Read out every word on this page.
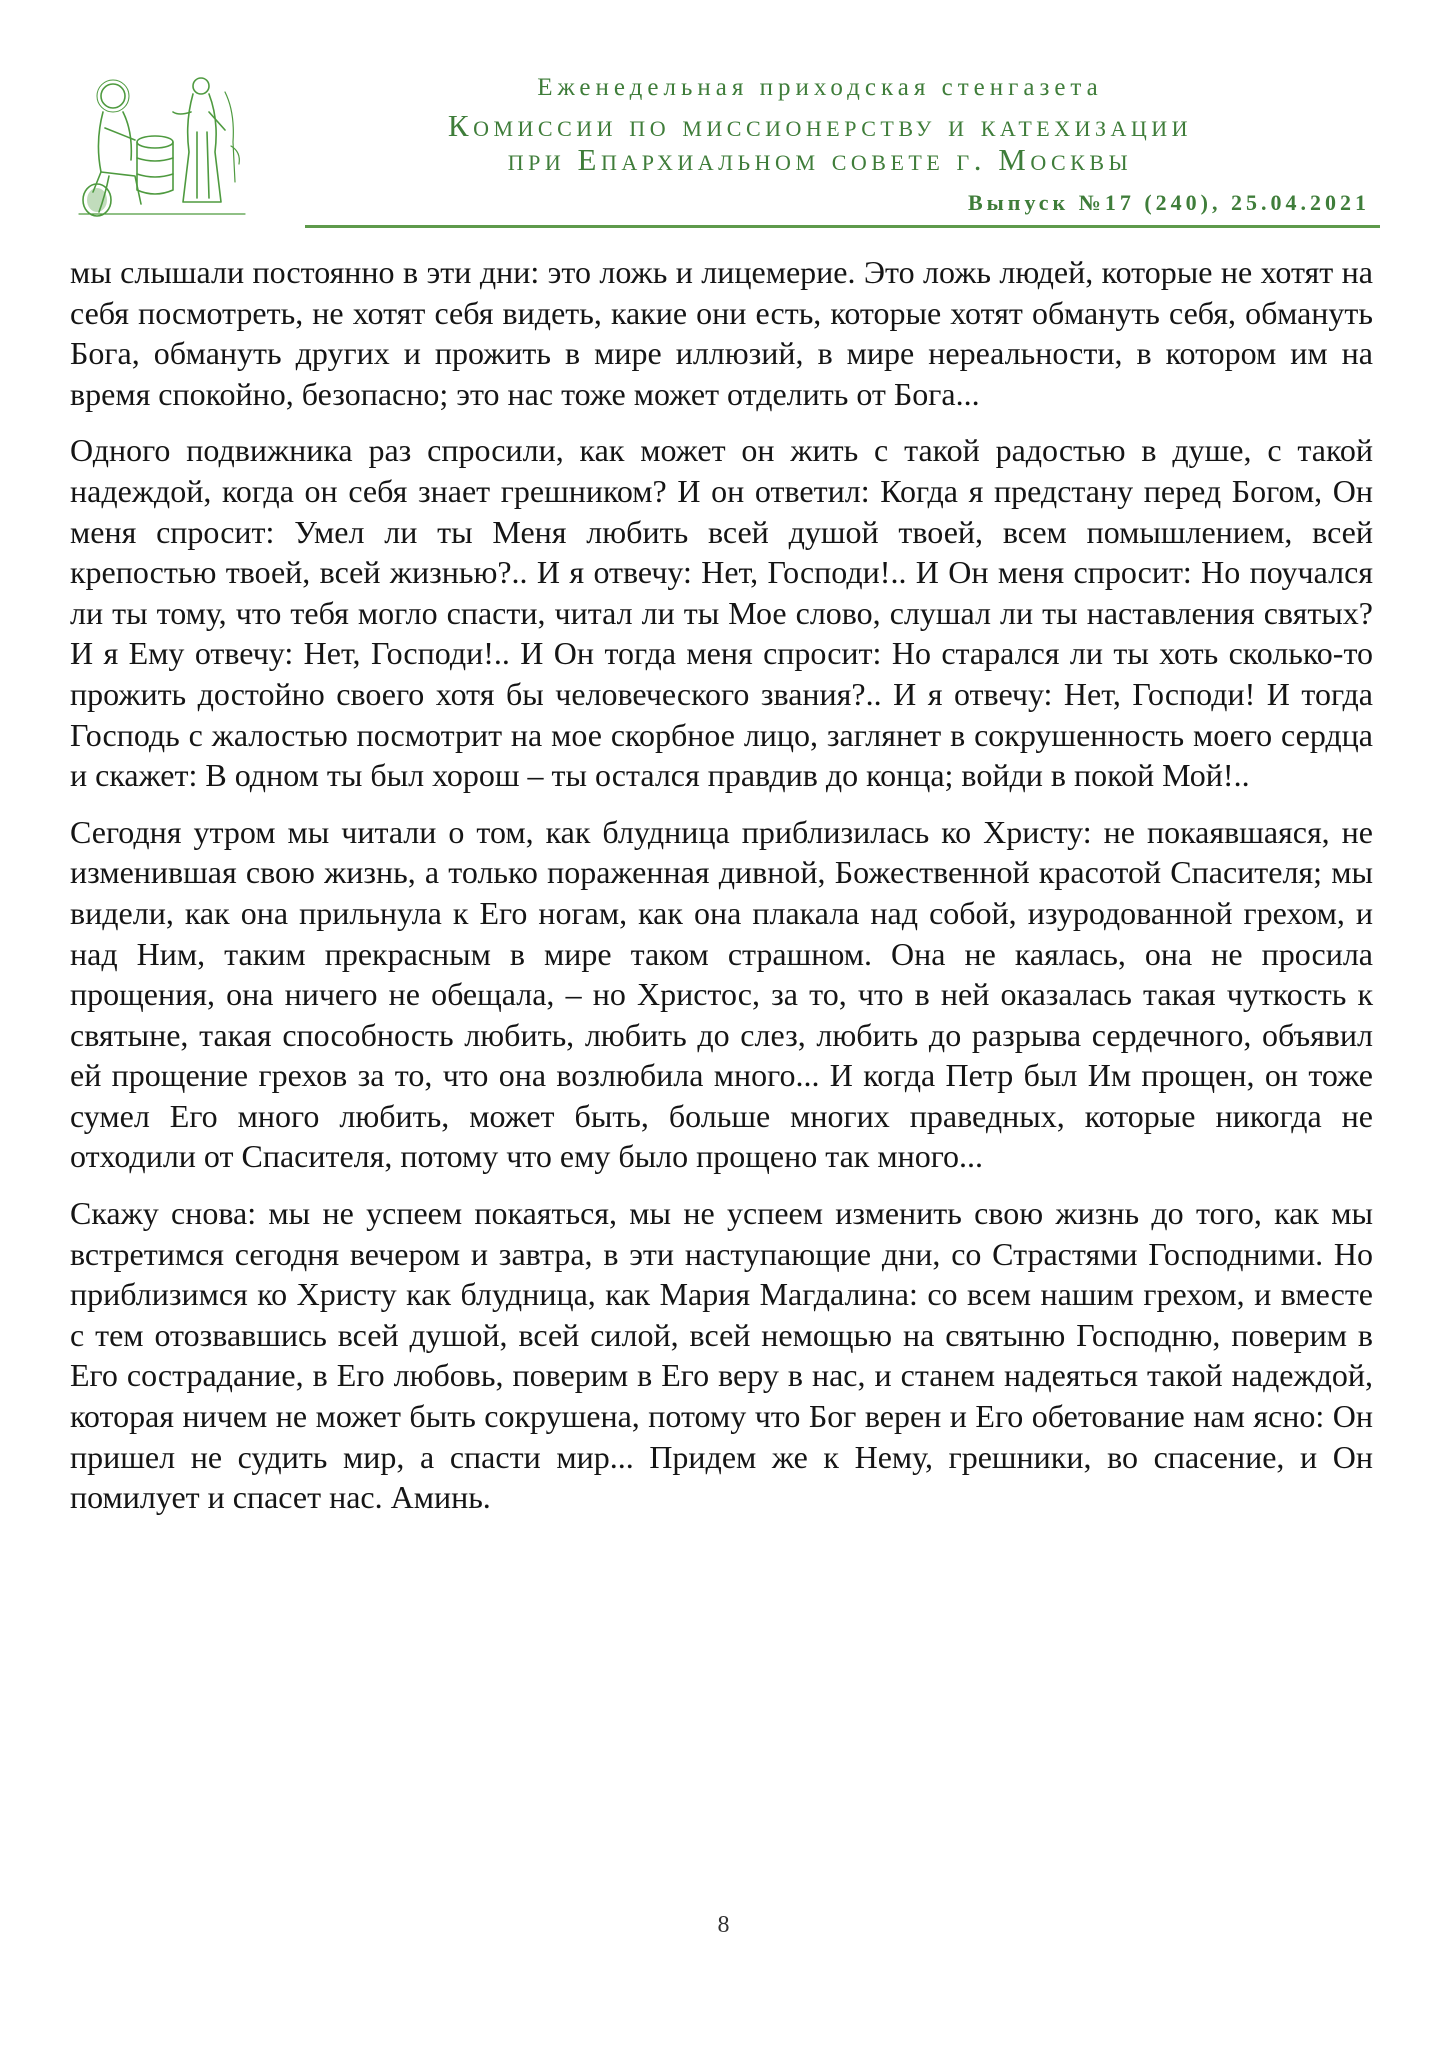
Еженедельная приходская стенгазета
Комиссии по миссионерству и катехизации
при Епархиальном совете г. Москвы
Выпуск №17 (240), 25.04.2021

мы слышали постоянно в эти дни: это ложь и лицемерие. Это ложь людей, которые не хотят на себя посмотреть, не хотят себя видеть, какие они есть, которые хотят обмануть себя, обмануть Бога, обмануть других и прожить в мире иллюзий, в мире нереальности, в котором им на время спокойно, безопасно; это нас тоже может отделить от Бога...

Одного подвижника раз спросили, как может он жить с такой радостью в душе, с такой надеждой, когда он себя знает грешником? И он ответил: Когда я предстану перед Богом, Он меня спросит: Умел ли ты Меня любить всей душой твоей, всем помышлением, всей крепостью твоей, всей жизнью?.. И я отвечу: Нет, Господи!.. И Он меня спросит: Но поучался ли ты тому, что тебя могло спасти, читал ли ты Мое слово, слушал ли ты наставления святых? И я Ему отвечу: Нет, Господи!.. И Он тогда меня спросит: Но старался ли ты хоть сколько-то прожить достойно своего хотя бы человеческого звания?.. И я отвечу: Нет, Господи! И тогда Господь с жалостью посмотрит на мое скорбное лицо, заглянет в сокрушенность моего сердца и скажет: В одном ты был хорош – ты остался правдив до конца; войди в покой Мой!..

Сегодня утром мы читали о том, как блудница приблизилась ко Христу: не покаявшаяся, не изменившая свою жизнь, а только пораженная дивной, Божественной красотой Спасителя; мы видели, как она прильнула к Его ногам, как она плакала над собой, изуродованной грехом, и над Ним, таким прекрасным в мире таком страшном. Она не каялась, она не просила прощения, она ничего не обещала, – но Христос, за то, что в ней оказалась такая чуткость к святыне, такая способность любить, любить до слез, любить до разрыва сердечного, объявил ей прощение грехов за то, что она возлюбила много... И когда Петр был Им прощен, он тоже сумел Его много любить, может быть, больше многих праведных, которые никогда не отходили от Спасителя, потому что ему было прощено так много...

Скажу снова: мы не успеем покаяться, мы не успеем изменить свою жизнь до того, как мы встретимся сегодня вечером и завтра, в эти наступающие дни, со Страстями Господними. Но приблизимся ко Христу как блудница, как Мария Магдалина: со всем нашим грехом, и вместе с тем отозвавшись всей душой, всей силой, всей немощью на святыню Господню, поверим в Его сострадание, в Его любовь, поверим в Его веру в нас, и станем надеяться такой надеждой, которая ничем не может быть сокрушена, потому что Бог верен и Его обетование нам ясно: Он пришел не судить мир, а спасти мир... Придем же к Нему, грешники, во спасение, и Он помилует и спасет нас. Аминь.

8
